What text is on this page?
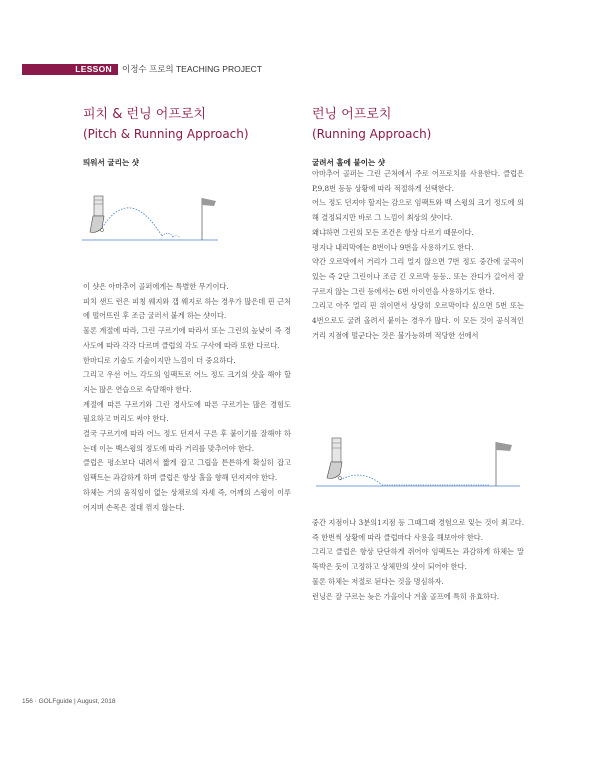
LESSON 이정수 프로의 TEACHING PROJECT

피치 & 런닝 어프로치

(Pitch & Running Approach)

띄워서 굴리는 샷

이 샷은 아마추어 골퍼에게는 특별한 무기이다.

피치 샌드 런은 피칭 웨지와 갭 웨지로 하는 경우가 많은데 핀 근처에 떨어뜨린 후 조금 굴러서 붙게 하는 샷이다.

물론 계절에 따라, 그린 구르기에 따라서 또는 그린의 높낮이 즉 경사도에 따라 각각 다르며 클럽의 각도 구사에 따라 또한 다르다.

한마디로 기술도 기술이지만 느낌이 더 중요하다.

그리고 우선 어느 각도의 임팩트로 어느 정도 크기의 샷을 해야 할지는 많은 연습으로 숙달해야 한다.

계절에 따른 구르기와 그린 경사도에 따른 구르기는 많은 경험도 필요하고 머리도 써야 한다.

결국 구르기에 따라 어느 정도 던져서 구른 후 붙이기를 잘해야 하는데 이는 백스윙의 정도에 따라 거리를 맞추어야 한다.

클럽은 평소보다 내려서 짧게 잡고 그립을 튼튼하게 확실히 잡고 임팩트는 과감하게 하며 클럽은 항상 홀을 향해 던져져야 한다.

하체는 거의 움직임이 없는 상채로의 자세 즉, 어깨의 스윙이 이루어지며 손목은 절대 꺾지 않는다.

런닝 어프로치

(Running Approach)

굴려서 홀에 붙이는 샷

아마추어 골퍼는 그린 근처에서 주로 어프로치를 사용한다. 클럽은 P,9,8번 등등 상황에 따라 적절하게 선택한다.

어느 정도 던져야 할지는 감으로 임팩트와 백 스윙의 크기 정도에 의해 결정되지만 바로 그 느낌이 최상의 샷이다.

왜냐하면 그린의 모든 조건은 항상 다르기 때문이다.

평지나 내리막에는 8번이나 9번을 사용하기도 한다.

약간 오르막에서 거리가 그리 멀지 않으면 7번 정도 중간에 굴곡이 있는 즉 2단 그린이나 조금 긴 오르막 등등.. 또는 잔디가 길어서 잘 구르지 않는 그린 등에서는 6번 아이언을 사용하기도 한다.

그리고 아주 멀리 핀 위이면서 상당히 오르막이다 싶으면 5번 또는 4번으로도 굴려 올려서 붙이는 경우가 많다. 이 모든 것이 공식적인 거리 지점에 떨군다는 것은 불가능하며 적당한 선에서

중간 지점이나 3분의1지점 등 그때그때 경험으로 잊는 것이 최고다. 즉 한번씩 상황에 따라 클럽마다 사용을 해보아야 한다.

그리고 클럽은 항상 단단하게 쥐어야 임팩트는 과감하게 하체는 말뚝박은 듯이 고정하고 상체만의 샷이 되어야 한다.

물론 하체는 저절로 된다는 것을 명심하자.

런닝은 잘 구르는 늦은 가을이나 겨울 골프에 특히 유효하다.

156 · GOLFguide | August, 2018
